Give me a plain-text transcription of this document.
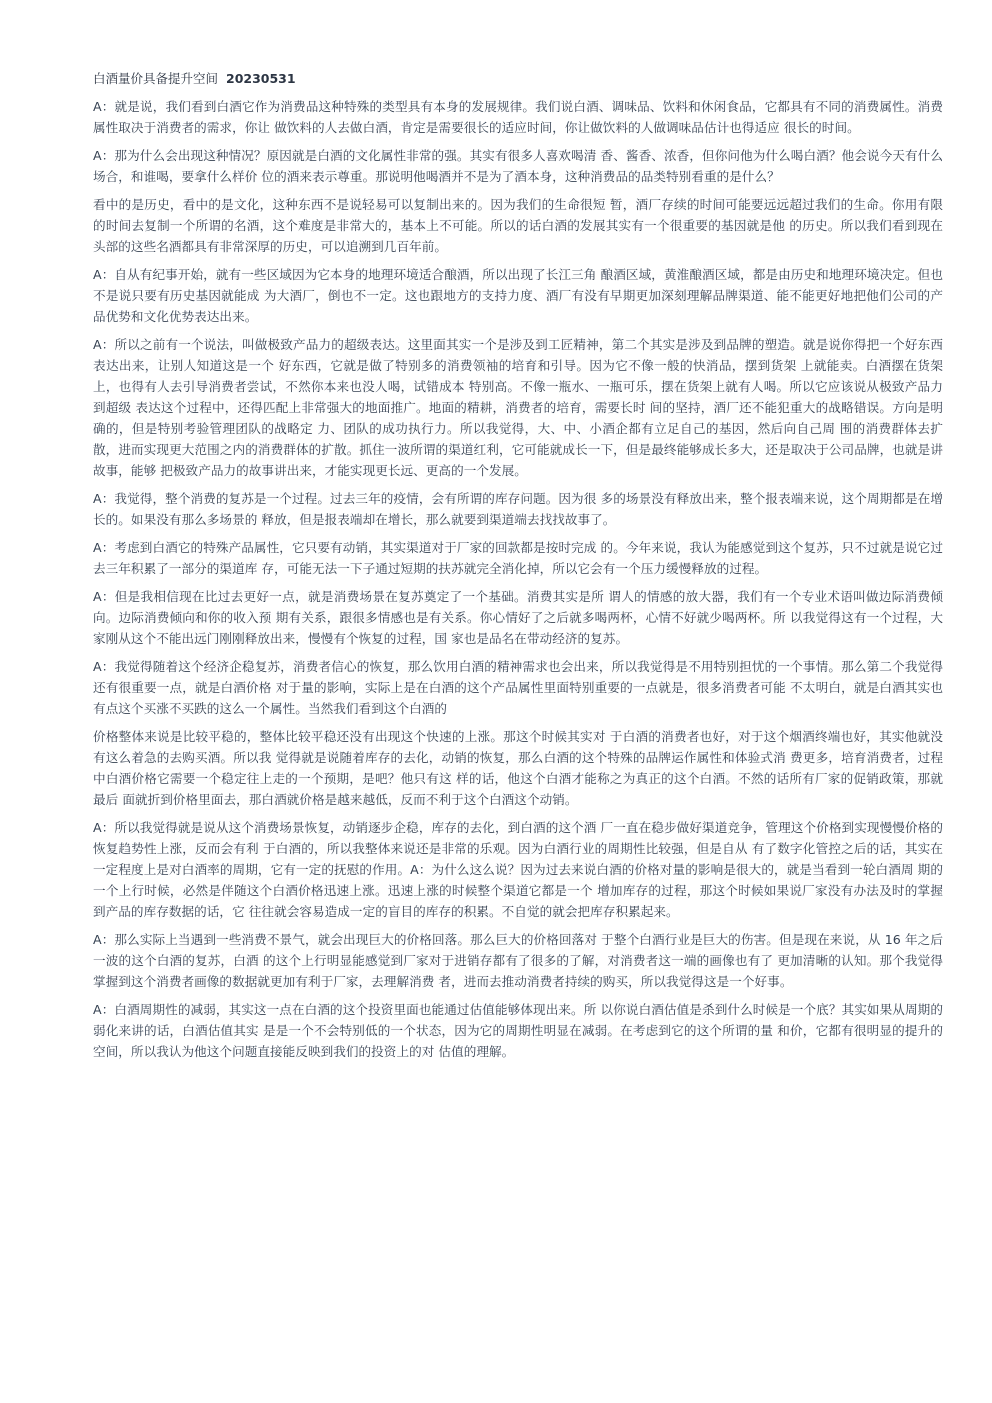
白酒量价具备提升空间 20230531

A：就是说，我们看到白酒它作为消费品这种特殊的类型具有本身的发展规律。我们说白酒、调味品、饮料和休闲食品，它都具有不同的消费属性。消费属性取决于消费者的需求，你让 做饮料的人去做白酒，肯定是需要很长的适应时间，你让做饮料的人做调味品估计也得适应 很长的时间。

A：那为什么会出现这种情况？原因就是白酒的文化属性非常的强。其实有很多人喜欢喝清 香、酱香、浓香，但你问他为什么喝白酒？他会说今天有什么场合，和谁喝，要拿什么样价 位的酒来表示尊重。那说明他喝酒并不是为了酒本身，这种消费品的品类特别看重的是什么？

看中的是历史，看中的是文化，这种东西不是说轻易可以复制出来的。因为我们的生命很短 暂，酒厂存续的时间可能要远远超过我们的生命。你用有限的时间去复制一个所谓的名酒，这个难度是非常大的，基本上不可能。所以的话白酒的发展其实有一个很重要的基因就是他 的历史。所以我们看到现在头部的这些名酒都具有非常深厚的历史，可以追溯到几百年前。

A：自从有纪事开始，就有一些区域因为它本身的地理环境适合酿酒，所以出现了长江三角 酿酒区域，黄淮酿酒区域，都是由历史和地理环境决定。但也不是说只要有历史基因就能成 为大酒厂，倒也不一定。这也跟地方的支持力度、酒厂有没有早期更加深刻理解品牌渠道、能不能更好地把他们公司的产品优势和文化优势表达出来。

A：所以之前有一个说法，叫做极致产品力的超级表达。这里面其实一个是涉及到工匠精神，第二个其实是涉及到品牌的塑造。就是说你得把一个好东西表达出来，让别人知道这是一个 好东西，它就是做了特别多的消费领袖的培育和引导。因为它不像一般的快消品，摆到货架 上就能卖。白酒摆在货架上，也得有人去引导消费者尝试，不然你本来也没人喝，试错成本 特别高。不像一瓶水、一瓶可乐，摆在货架上就有人喝。所以它应该说从极致产品力到超级 表达这个过程中，还得匹配上非常强大的地面推广。地面的精耕，消费者的培育，需要长时 间的坚持，酒厂还不能犯重大的战略错误。方向是明确的，但是特别考验管理团队的战略定 力、团队的成功执行力。所以我觉得，大、中、小酒企都有立足自己的基因，然后向自己周 围的消费群体去扩散，进而实现更大范围之内的消费群体的扩散。抓住一波所谓的渠道红利，它可能就成长一下，但是最终能够成长多大，还是取决于公司品牌，也就是讲故事，能够 把极致产品力的故事讲出来，才能实现更长远、更高的一个发展。

A：我觉得，整个消费的复苏是一个过程。过去三年的疫情，会有所谓的库存问题。因为很 多的场景没有释放出来，整个报表端来说，这个周期都是在增长的。如果没有那么多场景的 释放，但是报表端却在增长，那么就要到渠道端去找找故事了。

A：考虑到白酒它的特殊产品属性，它只要有动销，其实渠道对于厂家的回款都是按时完成 的。今年来说，我认为能感觉到这个复苏，只不过就是说它过去三年积累了一部分的渠道库 存，可能无法一下子通过短期的扶苏就完全消化掉，所以它会有一个压力缓慢释放的过程。

A：但是我相信现在比过去更好一点，就是消费场景在复苏奠定了一个基础。消费其实是所 谓人的情感的放大器，我们有一个专业术语叫做边际消费倾向。边际消费倾向和你的收入预 期有关系，跟很多情感也是有关系。你心情好了之后就多喝两杯，心情不好就少喝两杯。所 以我觉得这有一个过程，大家刚从这个不能出远门刚刚释放出来，慢慢有个恢复的过程，国 家也是品名在带动经济的复苏。

A：我觉得随着这个经济企稳复苏，消费者信心的恢复，那么饮用白酒的精神需求也会出来，所以我觉得是不用特别担忧的一个事情。那么第二个我觉得还有很重要一点，就是白酒价格 对于量的影响，实际上是在白酒的这个产品属性里面特别重要的一点就是，很多消费者可能 不太明白，就是白酒其实也有点这个买涨不买跌的这么一个属性。当然我们看到这个白酒的

价格整体来说是比较平稳的，整体比较平稳还没有出现这个快速的上涨。那这个时候其实对 于白酒的消费者也好，对于这个烟酒终端也好，其实他就没有这么着急的去购买酒。所以我 觉得就是说随着库存的去化，动销的恢复，那么白酒的这个特殊的品牌运作属性和体验式消 费更多，培育消费者，过程中白酒价格它需要一个稳定往上走的一个预期，是吧？他只有这 样的话，他这个白酒才能称之为真正的这个白酒。不然的话所有厂家的促销政策，那就最后 面就折到价格里面去，那白酒就价格是越来越低，反而不利于这个白酒这个动销。

A：所以我觉得就是说从这个消费场景恢复，动销逐步企稳，库存的去化，到白酒的这个酒 厂一直在稳步做好渠道竞争，管理这个价格到实现慢慢价格的恢复趋势性上涨，反而会有利 于白酒的，所以我整体来说还是非常的乐观。因为白酒行业的周期性比较强，但是自从 有了数字化管控之后的话，其实在一定程度上是对白酒率的周期，它有一定的抚慰的作用。A：为什么这么说？因为过去来说白酒的价格对量的影响是很大的，就是当看到一轮白酒周 期的一个上行时候，必然是伴随这个白酒价格迅速上涨。迅速上涨的时候整个渠道它都是一个 增加库存的过程，那这个时候如果说厂家没有办法及时的掌握到产品的库存数据的话，它 往往就会容易造成一定的盲目的库存的积累。不自觉的就会把库存积累起来。

A：那么实际上当遇到一些消费不景气，就会出现巨大的价格回落。那么巨大的价格回落对 于整个白酒行业是巨大的伤害。但是现在来说，从 16 年之后一波的这个白酒的复苏，白酒 的这个上行明显能感觉到厂家对于进销存都有了很多的了解，对消费者这一端的画像也有了 更加清晰的认知。那个我觉得掌握到这个消费者画像的数据就更加有利于厂家，去理解消费 者，进而去推动消费者持续的购买，所以我觉得这是一个好事。

A：白酒周期性的减弱，其实这一点在白酒的这个投资里面也能通过估值能够体现出来。所 以你说白酒估值是杀到什么时候是一个底？其实如果从周期的弱化来讲的话，白酒估值其实 是是一个不会特别低的一个状态，因为它的周期性明显在减弱。在考虑到它的这个所谓的量 和价，它都有很明显的提升的空间，所以我认为他这个问题直接能反映到我们的投资上的对 估值的理解。
